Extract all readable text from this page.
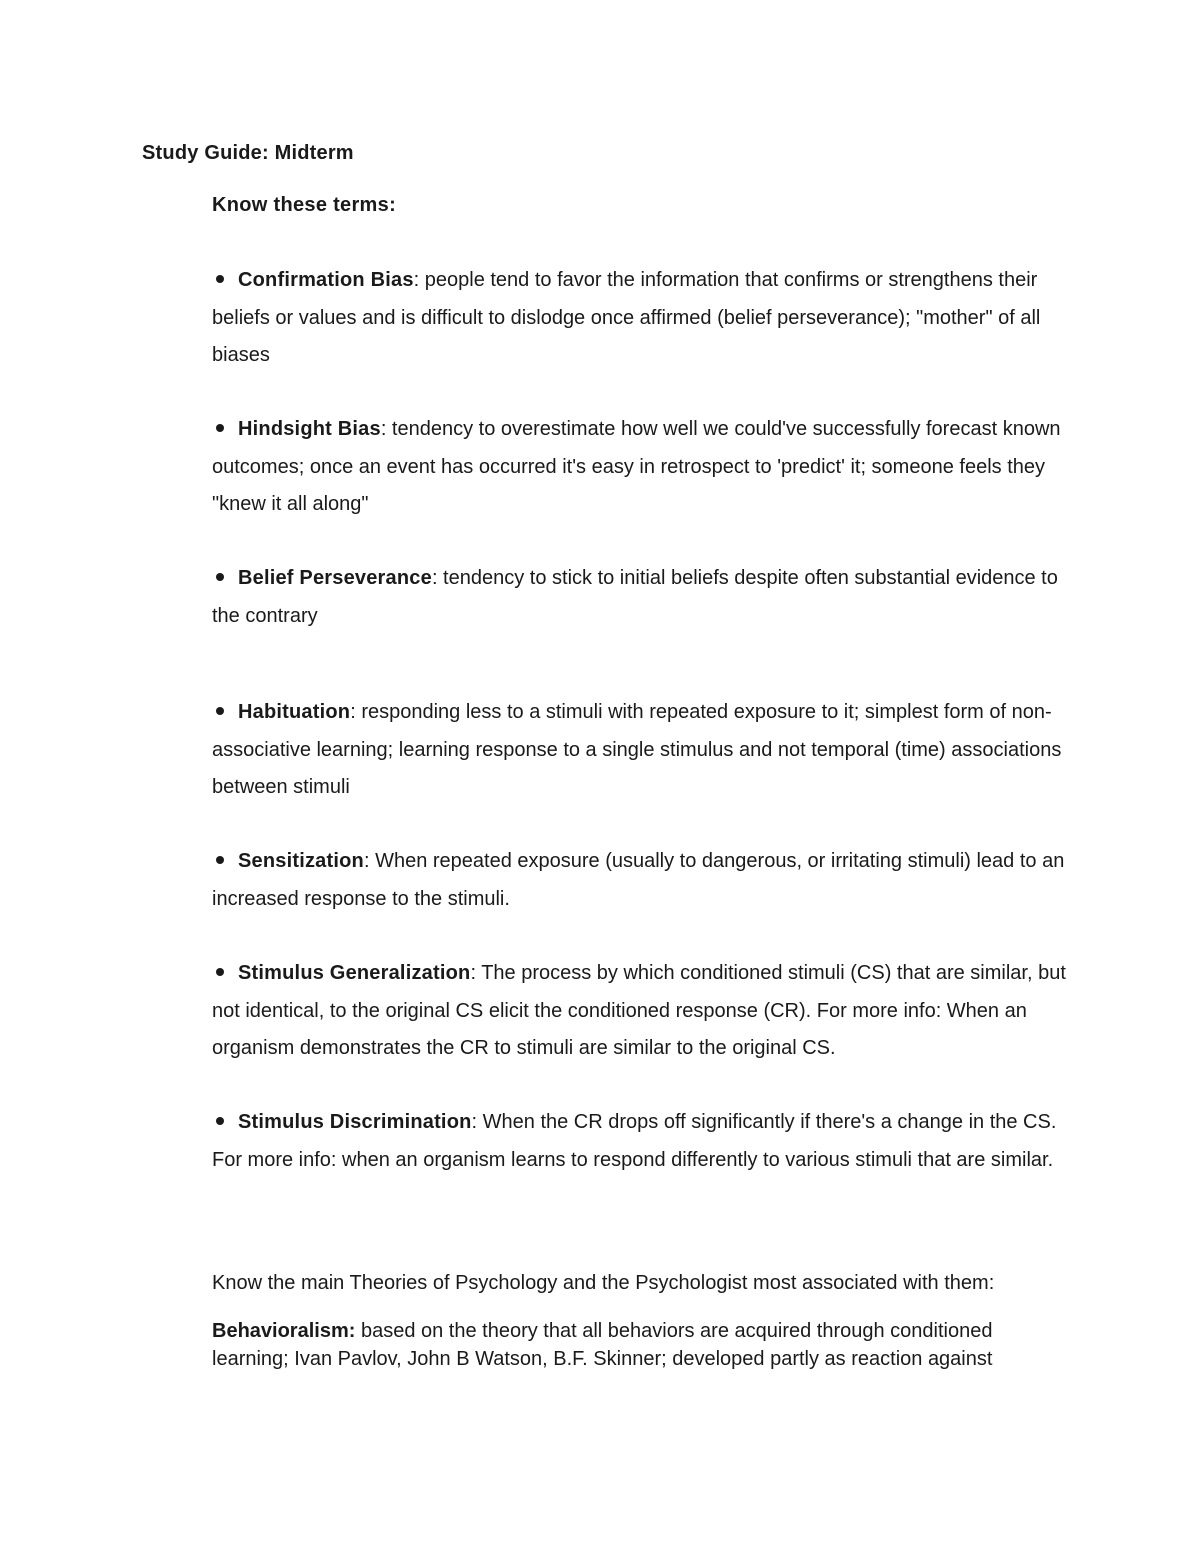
Study Guide: Midterm
Know these terms:

Confirmation Bias: people tend to favor the information that confirms or strengthens their beliefs or values and is difficult to dislodge once affirmed (belief perseverance); "mother" of all biases

Hindsight Bias: tendency to overestimate how well we could've successfully forecast known outcomes; once an event has occurred it's easy in retrospect to 'predict' it; someone feels they "knew it all along"

Belief Perseverance: tendency to stick to initial beliefs despite often substantial evidence to the contrary

Habituation: responding less to a stimuli with repeated exposure to it; simplest form of non-associative learning; learning response to a single stimulus and not temporal (time) associations between stimuli

Sensitization: When repeated exposure (usually to dangerous, or irritating stimuli) lead to an increased response to the stimuli.

Stimulus Generalization: The process by which conditioned stimuli (CS) that are similar, but not identical, to the original CS elicit the conditioned response (CR). For more info: When an organism demonstrates the CR to stimuli are similar to the original CS.

Stimulus Discrimination: When the CR drops off significantly if there's a change in the CS. For more info: when an organism learns to respond differently to various stimuli that are similar.

Know the main Theories of Psychology and the Psychologist most associated with them:

Behavioralism: based on the theory that all behaviors are acquired through conditioned learning; Ivan Pavlov, John B Watson, B.F. Skinner; developed partly as reaction against
